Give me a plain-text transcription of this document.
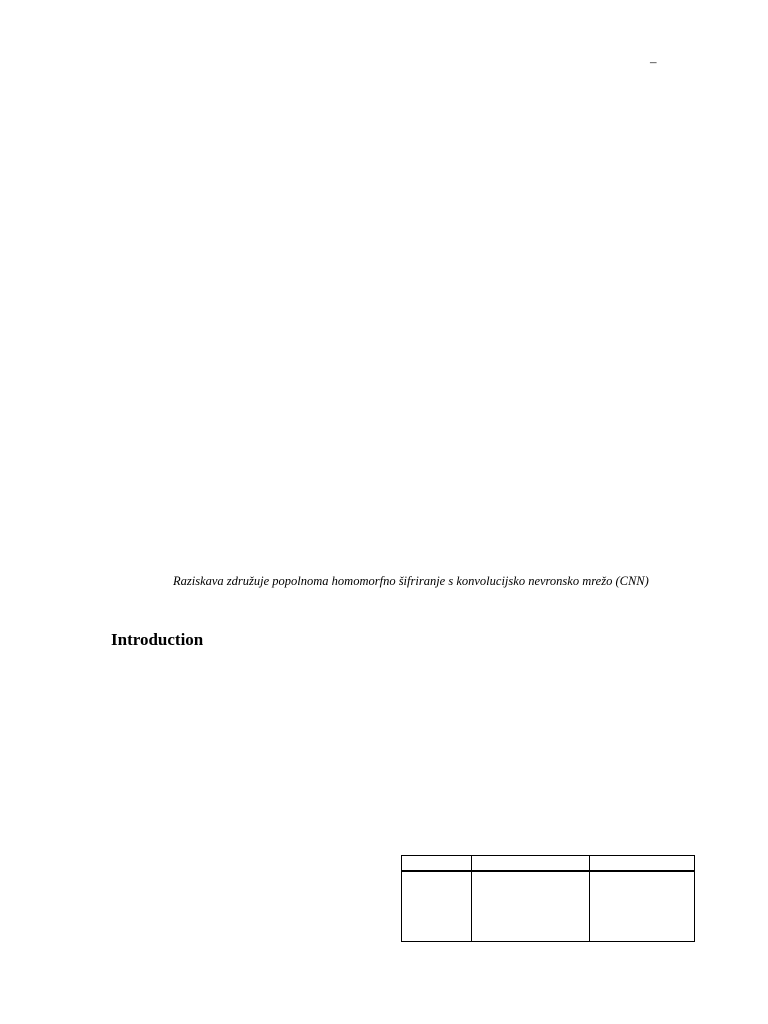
–
Raziskava združuje popolnoma homomorfno šifriranje s konvolucijsko nevronsko mrežo (CNN)
Introduction
